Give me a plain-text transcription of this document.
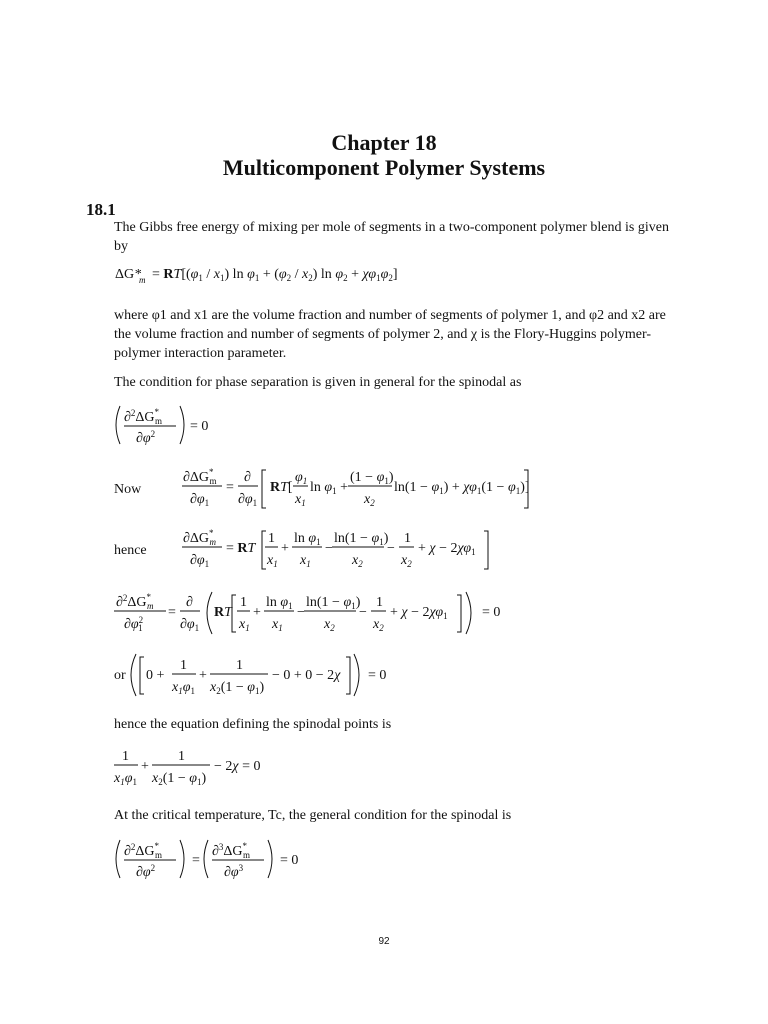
Chapter 18
Multicomponent Polymer Systems
18.1
The Gibbs free energy of mixing per mole of segments in a two-component polymer blend is given by
where φ1 and x1 are the volume fraction and number of segments of polymer 1, and φ2 and x2 are the volume fraction and number of segments of polymer 2, and χ is the Flory-Huggins polymer-polymer interaction parameter.
The condition for phase separation is given in general for the spinodal as
hence the equation defining the spinodal points is
At the critical temperature, Tc, the general condition for the spinodal is
Now
hence
or
ΔG*
$m = RT[(\varphi_1 / x_1)$ $\ln \varphi_1 + (\varphi_2 / x_2)$ $\ln \varphi_2 + \chi\varphi_1\varphi_2$]
∂$^2$ΔG* m
$\partial\varphi^2 = 0$
∂ΔG* m
$\partial\varphi_1$
=
∂
$\partial\varphi_1$
RT[
$\varphi_1$
$x_1$
$\ln \varphi_1$ +
$(1 - \varphi_1)$
$x_2$
$\ln(1 - \varphi_1) + \chi\varphi_1(1 - \varphi_1)$]
∂ΔG* m
$\partial\varphi_1$
= RT
1
$x_1$
+
$\ln \varphi_1$
$x_1$
−
$\ln(1 - \varphi_1)$
$x_2$
−
1
$x_2$
+ $\chi - 2\chi\varphi_1$
∂$^2$ΔG* m
$\partial\varphi^2$ 1
=
∂
$\partial\varphi_1$
RT
1
$x_1$
+
$\ln \varphi_1$
$x_1$
−
$\ln(1 - \varphi_1)$
$x_2$
−
1
$x_2$
+ $\chi - 2\chi\varphi_1 = 0$
0 +
1
$x_1\varphi_1$
+
1
$x_2(1 - \varphi_1)$
− 0 + 0 − 2χ = 0
1
$x_1\varphi_1$
+
1
$x_2(1 - \varphi_1)$
− 2χ = 0
∂$^2$ΔG* m
$\partial\varphi^2$	=
∂$^3$ΔG* m
$\partial\varphi^3$	= 0
92
